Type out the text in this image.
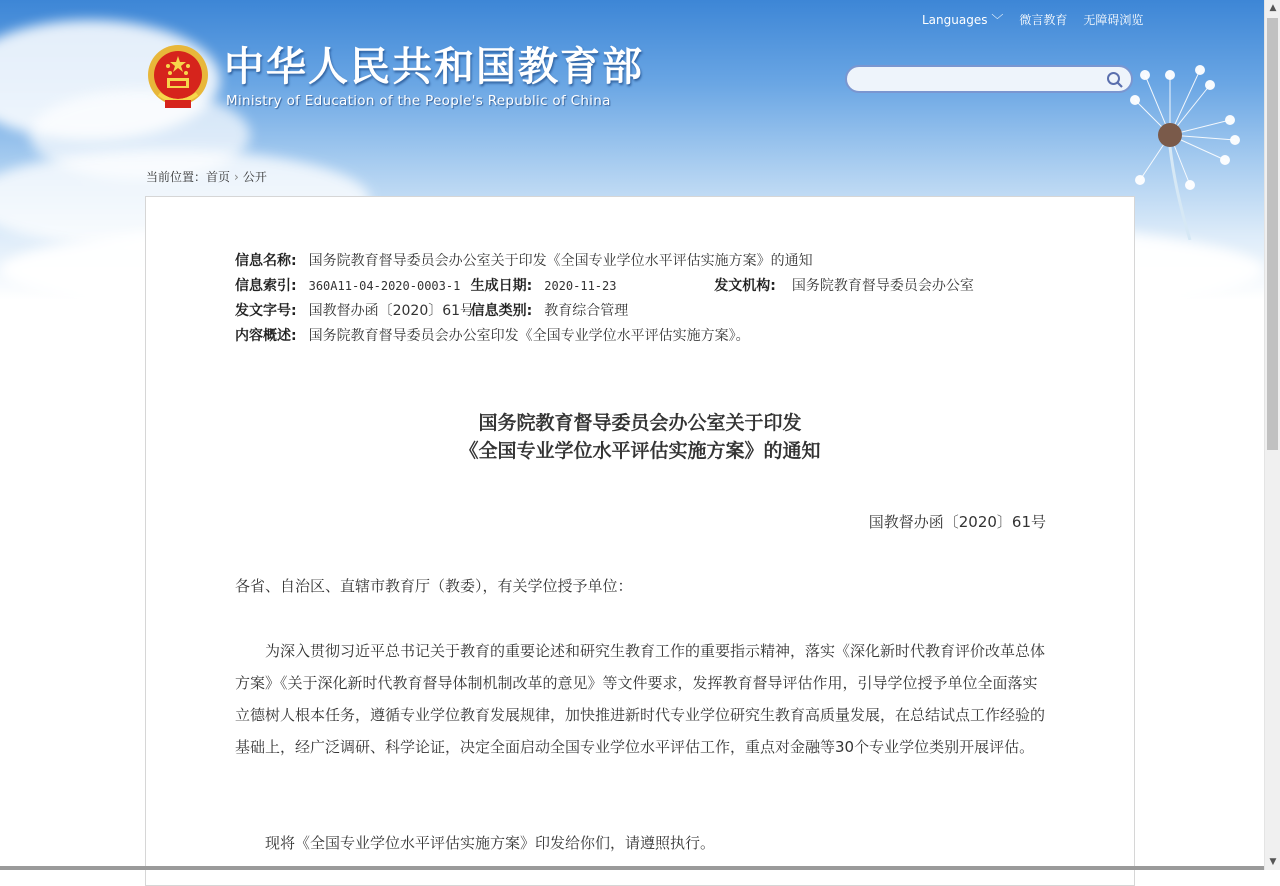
中华人民共和国教育部
Ministry of Education of the People's Republic of China
Languages ﹀ 微言教育 无障碍浏览
当前位置：首页 › 公开
信息名称: 国务院教育督导委员会办公室关于印发《全国专业学位水平评估实施方案》的通知
信息索引: 360A11-04-2020-0003-1 生成日期: 2020-11-23	发文机构: 国务院教育督导委员会办公室
发文字号: 国教督办函〔2020〕61号信息类别: 教育综合管理
内容概述: 国务院教育督导委员会办公室印发《全国专业学位水平评估实施方案》。
国务院教育督导委员会办公室关于印发
《全国专业学位水平评估实施方案》的通知
国教督办函〔2020〕61号
各省、自治区、直辖市教育厅（教委），有关学位授予单位：
为深入贯彻习近平总书记关于教育的重要论述和研究生教育工作的重要指示精神，落实《深化新时代教育评价改革总体方案》《关于深化新时代教育督导体制机制改革的意见》等文件要求，发挥教育督导评估作用，引导学位授予单位全面落实立德树人根本任务，遵循专业学位教育发展规律，加快推进新时代专业学位研究生教育高质量发展，在总结试点工作经验的基础上，经广泛调研、科学论证，决定全面启动全国专业学位水平评估工作，重点对金融等30个专业学位类别开展评估。
现将《全国专业学位水平评估实施方案》印发给你们，请遵照执行。
▲
▼
